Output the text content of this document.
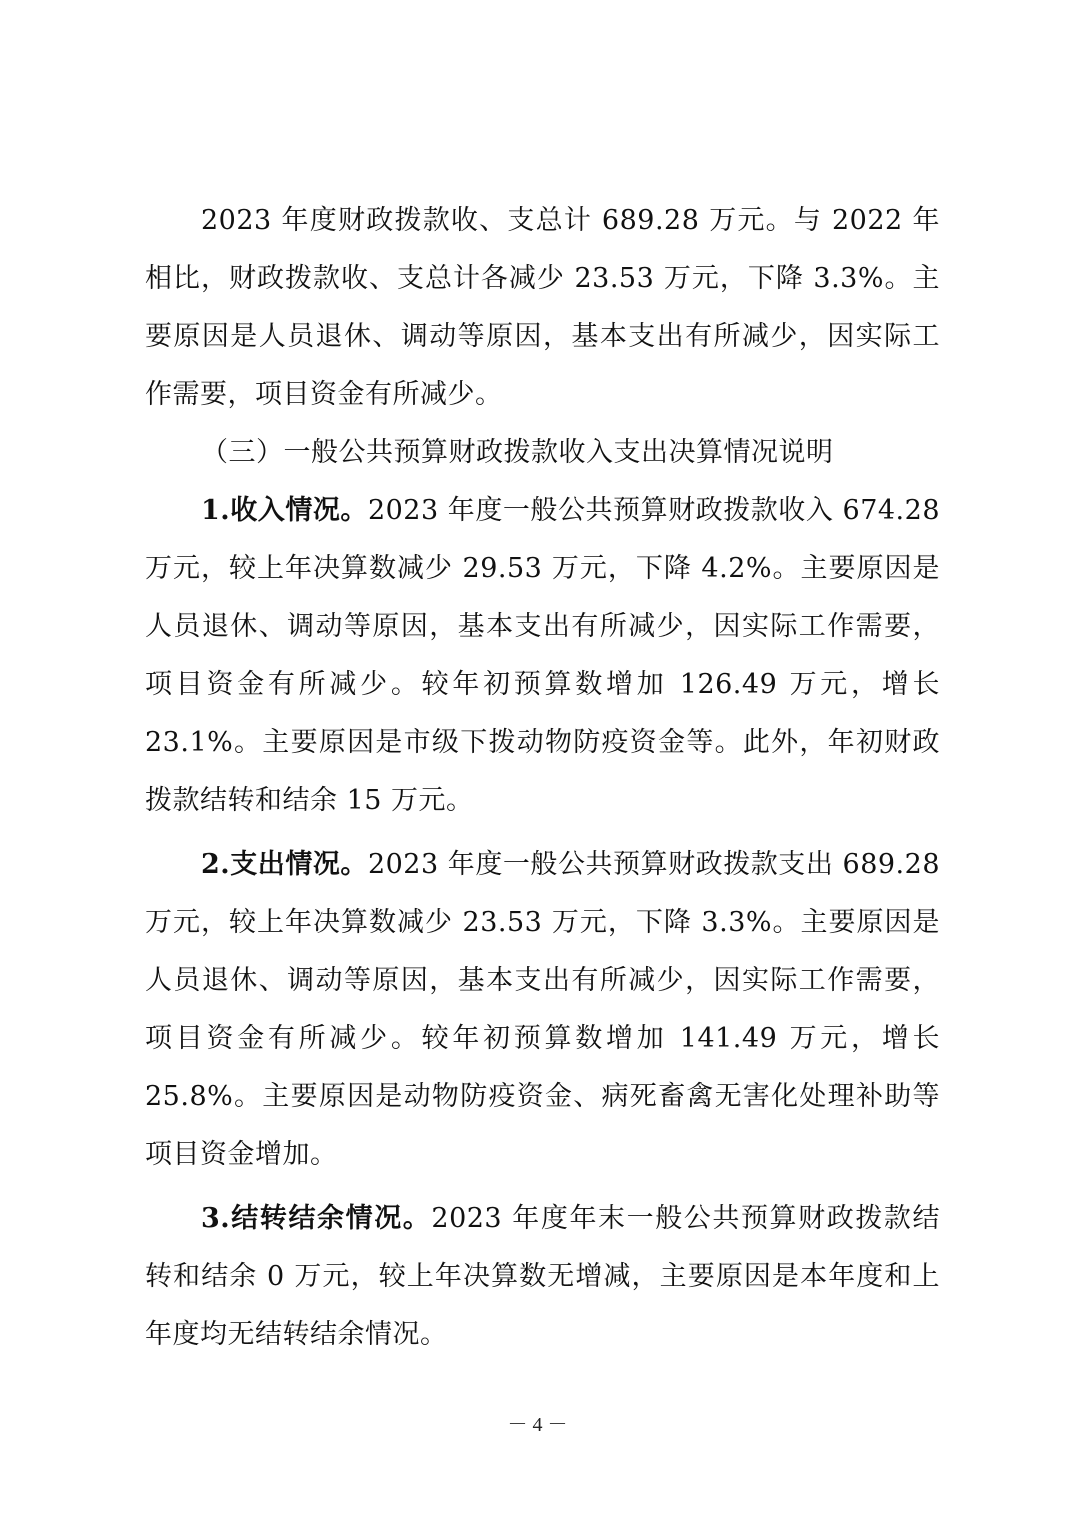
2023 年度财政拨款收、支总计 689.28 万元。与 2022 年相比，财政拨款收、支总计各减少 23.53 万元，下降 3.3%。主要原因是人员退休、调动等原因，基本支出有所减少，因实际工作需要，项目资金有所减少。

（三）一般公共预算财政拨款收入支出决算情况说明

1.收入情况。2023 年度一般公共预算财政拨款收入 674.28 万元，较上年决算数减少 29.53 万元，下降 4.2%。主要原因是人员退休、调动等原因，基本支出有所减少，因实际工作需要，项目资金有所减少。较年初预算数增加 126.49 万元，增长 23.1%。主要原因是市级下拨动物防疫资金等。此外，年初财政拨款结转和结余 15 万元。

2.支出情况。2023 年度一般公共预算财政拨款支出 689.28 万元，较上年决算数减少 23.53 万元，下降 3.3%。主要原因是人员退休、调动等原因，基本支出有所减少，因实际工作需要，项目资金有所减少。较年初预算数增加 141.49 万元，增长 25.8%。主要原因是动物防疫资金、病死畜禽无害化处理补助等项目资金增加。

3.结转结余情况。2023 年度年末一般公共预算财政拨款结转和结余 0 万元，较上年决算数无增减，主要原因是本年度和上年度均无结转结余情况。

－ 4 －
